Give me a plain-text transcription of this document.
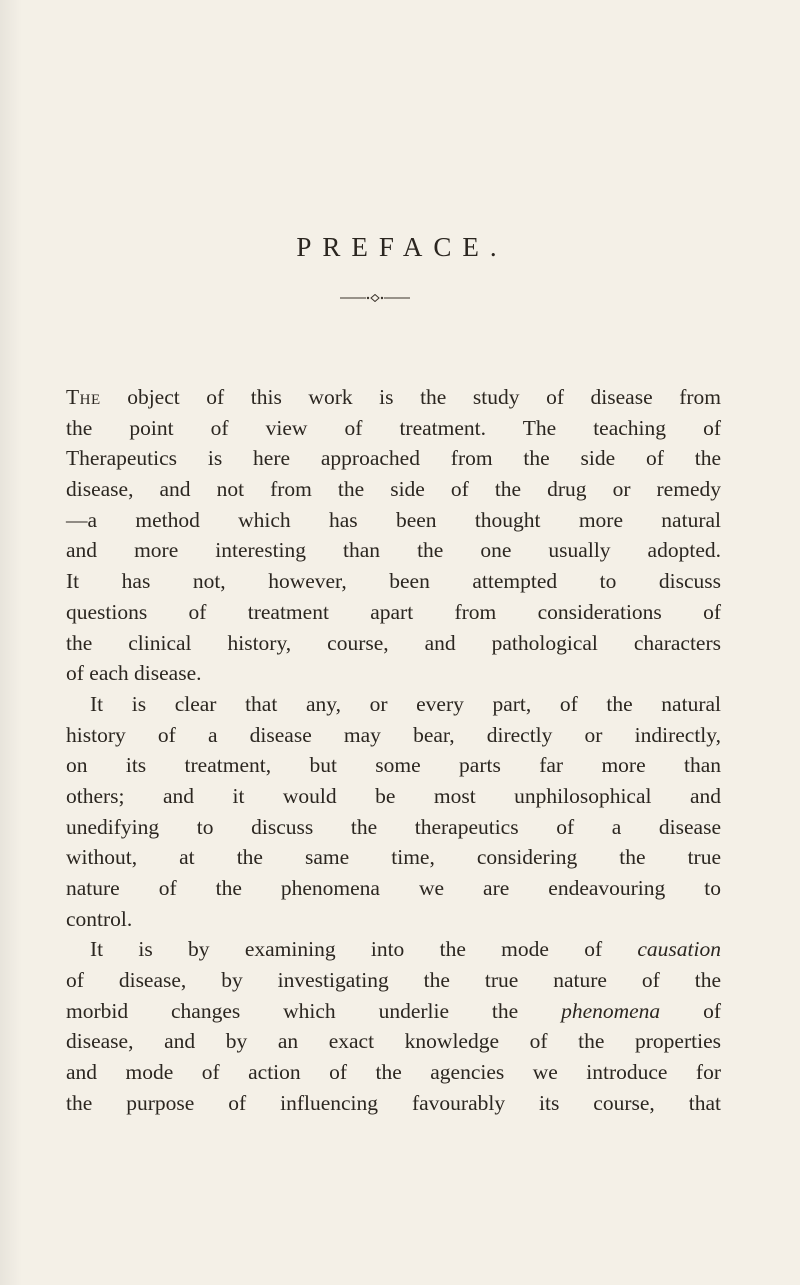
PREFACE.
The object of this work is the study of disease from
the point of view of treatment. The teaching of
Therapeutics is here approached from the side of the
disease, and not from the side of the drug or remedy
—a method which has been thought more natural
and more interesting than the one usually adopted.
It has not, however, been attempted to discuss
questions of treatment apart from considerations of
the clinical history, course, and pathological characters
of each disease.
It is clear that any, or every part, of the natural
history of a disease may bear, directly or indirectly,
on its treatment, but some parts far more than
others; and it would be most unphilosophical and
unedifying to discuss the therapeutics of a disease
without, at the same time, considering the true
nature of the phenomena we are endeavouring to
control.
It is by examining into the mode of causation
of disease, by investigating the true nature of the
morbid changes which underlie the phenomena of
disease, and by an exact knowledge of the properties
and mode of action of the agencies we introduce for
the purpose of influencing favourably its course, that
